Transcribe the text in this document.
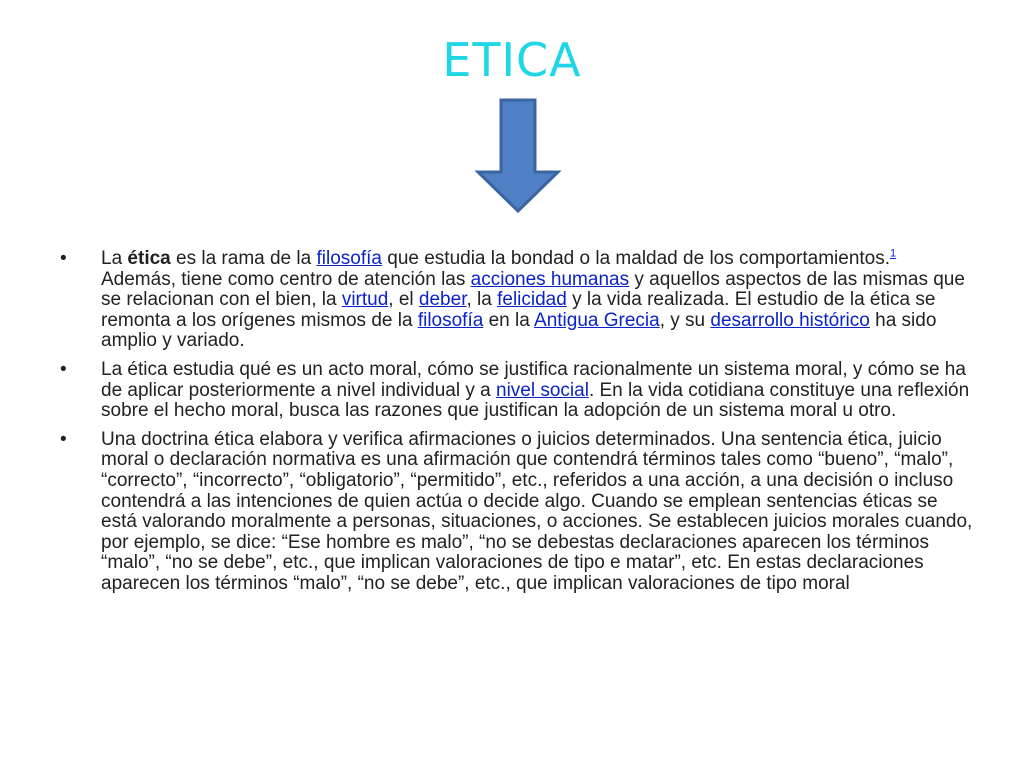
ETICA
•	La ética es la rama de la filosofía que estudia la bondad o la maldad de los comportamientos.$^1$ Además, tiene como centro de atención las acciones humanas y aquellos aspectos de las mismas que se relacionan con el bien, la virtud, el deber, la felicidad y la vida realizada. El estudio de la ética se remonta a los orígenes mismos de la filosofía en la Antigua Grecia, y su desarrollo histórico ha sido amplio y variado.
•	La ética estudia qué es un acto moral, cómo se justifica racionalmente un sistema moral, y cómo se ha de aplicar posteriormente a nivel individual y a nivel social. En la vida cotidiana constituye una reflexión sobre el hecho moral, busca las razones que justifican la adopción de un sistema moral u otro.
•	Una doctrina ética elabora y verifica afirmaciones o juicios determinados. Una sentencia ética, juicio moral o declaración normativa es una afirmación que contendrá términos tales como “bueno”, “malo”, “correcto”, “incorrecto”, “obligatorio”, “permitido”, etc., referidos a una acción, a una decisión o incluso contendrá a las intenciones de quien actúa o decide algo. Cuando se emplean sentencias éticas se está valorando moralmente a personas, situaciones, o acciones. Se establecen juicios morales cuando, por ejemplo, se dice: “Ese hombre es malo”, “no se debestas declaraciones aparecen los términos “malo”, “no se debe”, etc., que implican valoraciones de tipo e matar”, etc. En estas declaraciones aparecen los términos “malo”, “no se debe”, etc., que implican valoraciones de tipo moral
